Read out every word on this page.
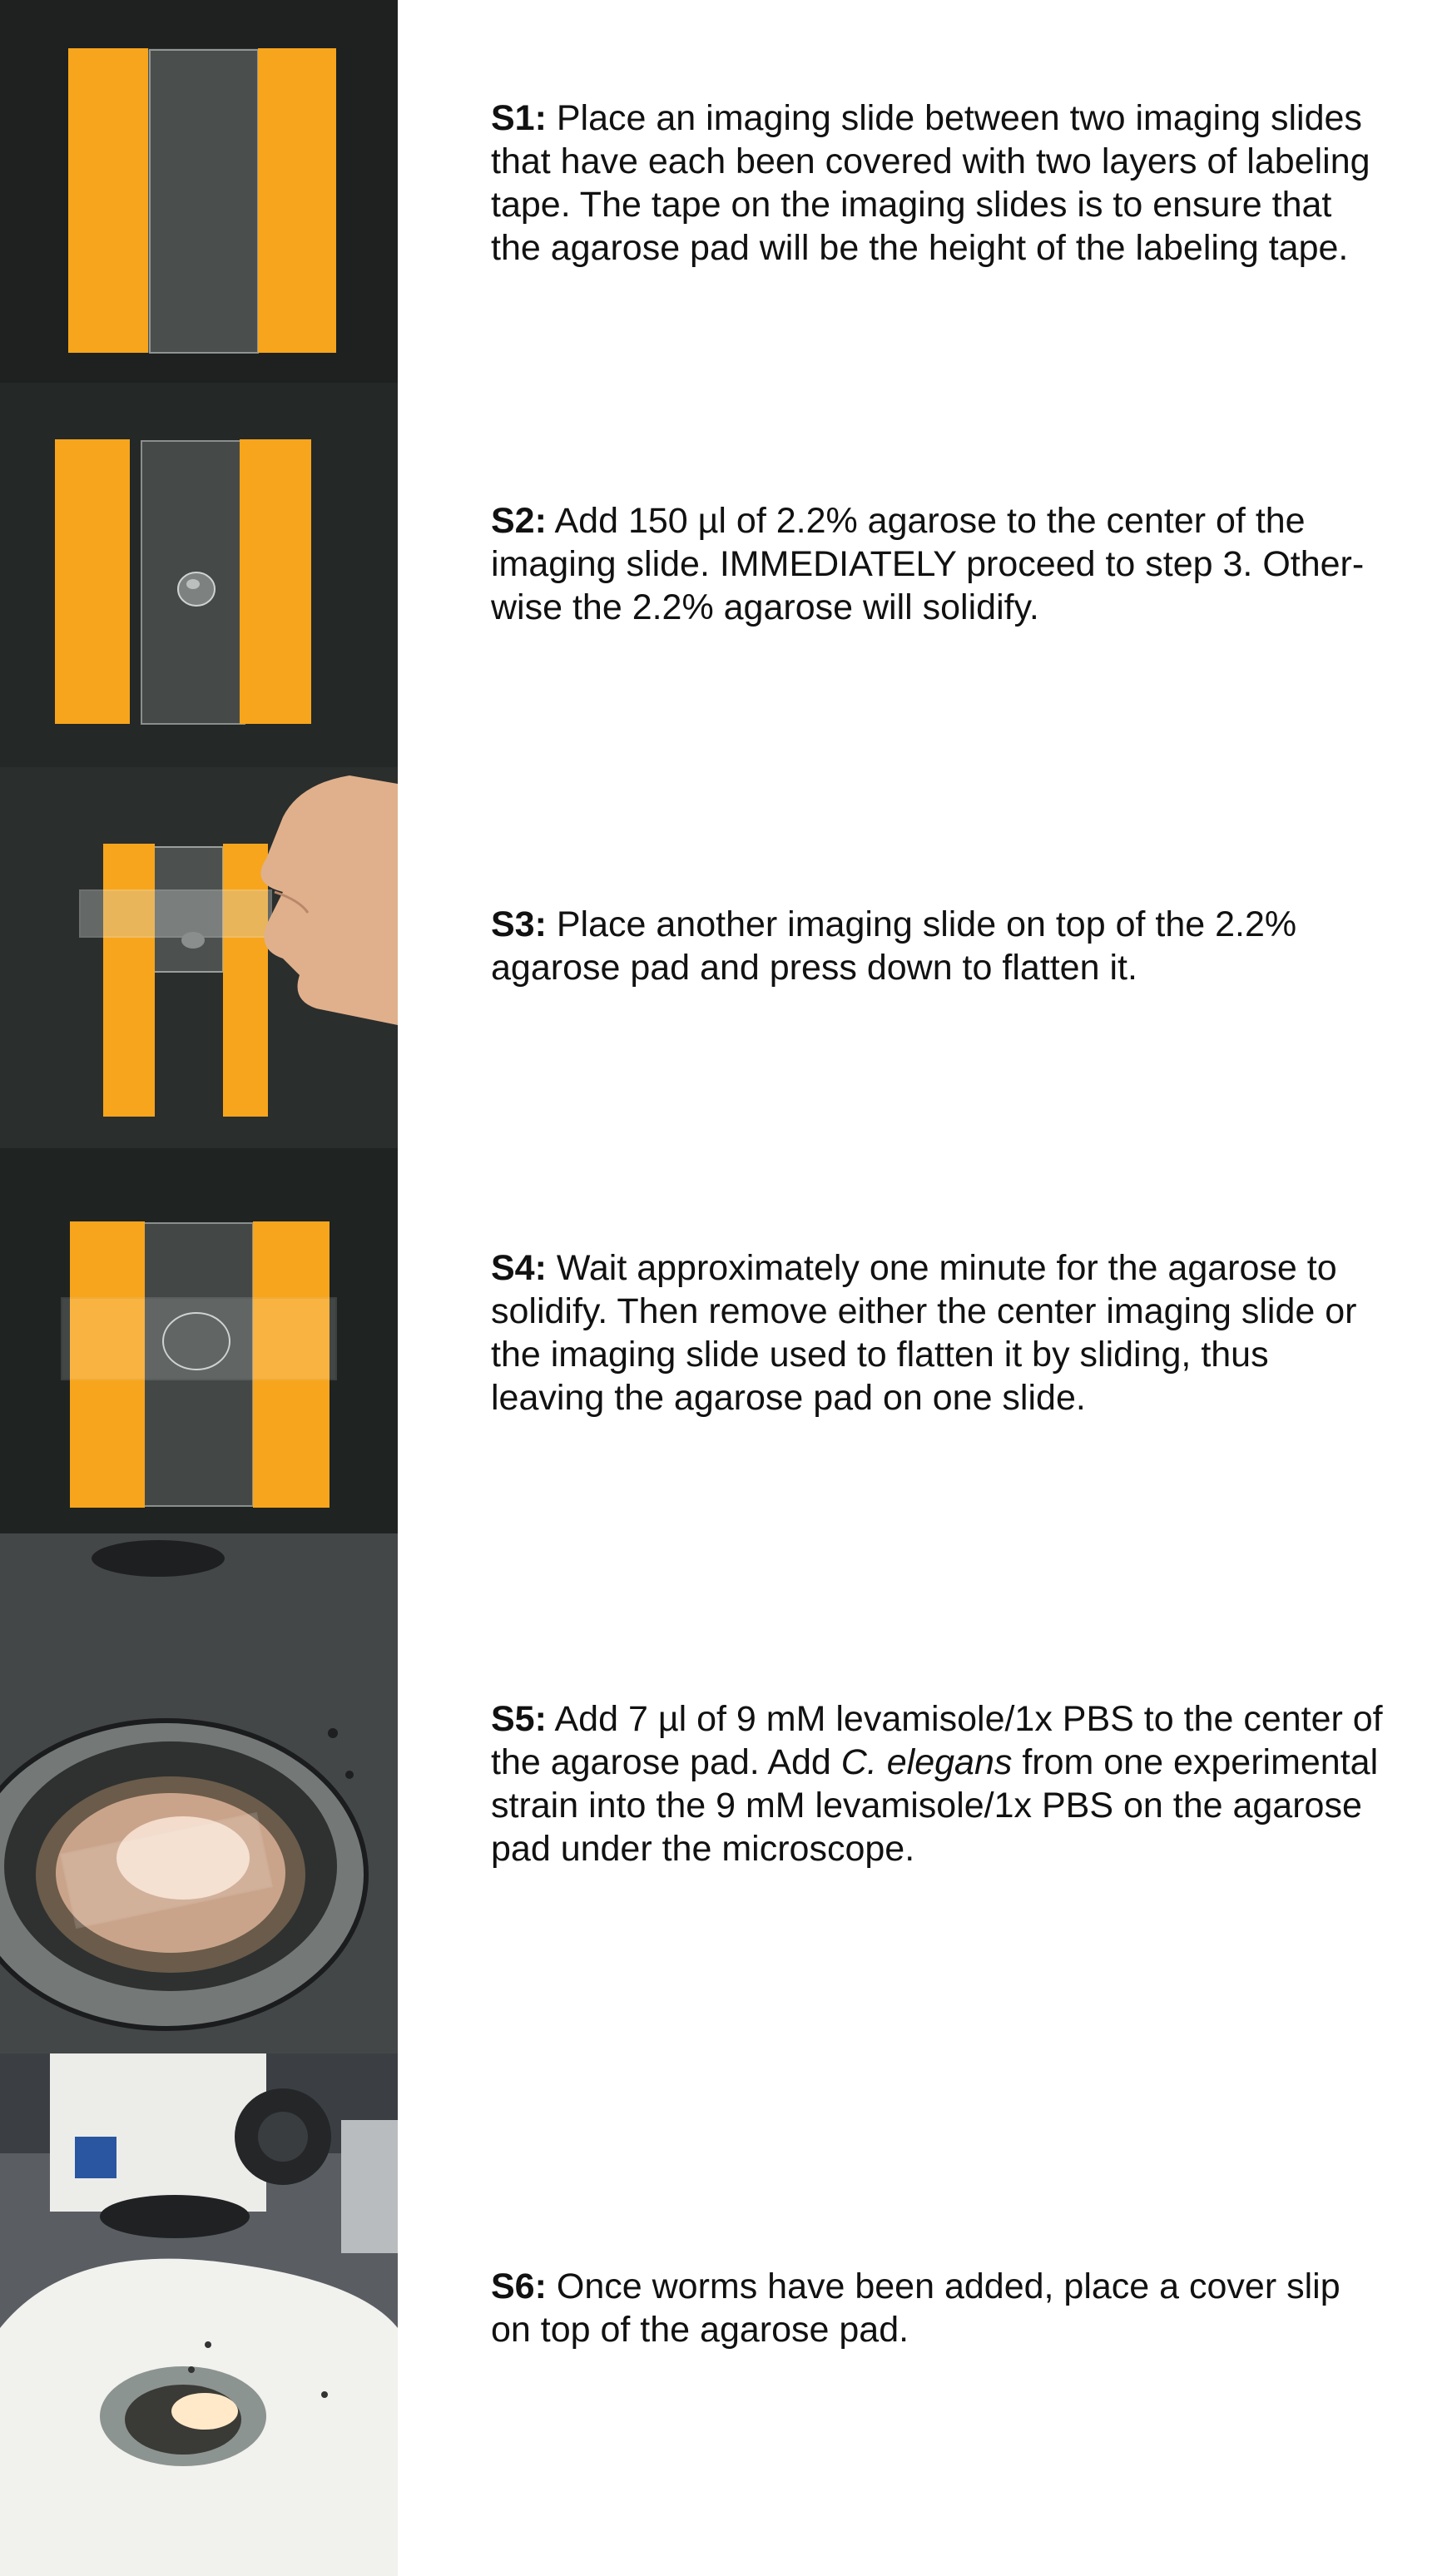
S1: Place an imaging slide between two imaging slides
that have each been covered with two layers of labeling
tape. The tape on the imaging slides is to ensure that
the agarose pad will be the height of the labeling tape.
S2: Add 150 µl of 2.2% agarose to the center of the
imaging slide. IMMEDIATELY proceed to step 3. Other-
wise the 2.2% agarose will solidify.
S3: Place another imaging slide on top of the 2.2%
agarose pad and press down to flatten it.
S4: Wait approximately one minute for the agarose to
solidify. Then remove either the center imaging slide or
the imaging slide used to flatten it by sliding, thus
leaving the agarose pad on one slide.
S5: Add 7 µl of 9 mM levamisole/1x PBS to the center of
the agarose pad. Add C. elegans from one experimental
strain into the 9 mM levamisole/1x PBS on the agarose
pad under the microscope.
S6: Once worms have been added, place a cover slip
on top of the agarose pad.
